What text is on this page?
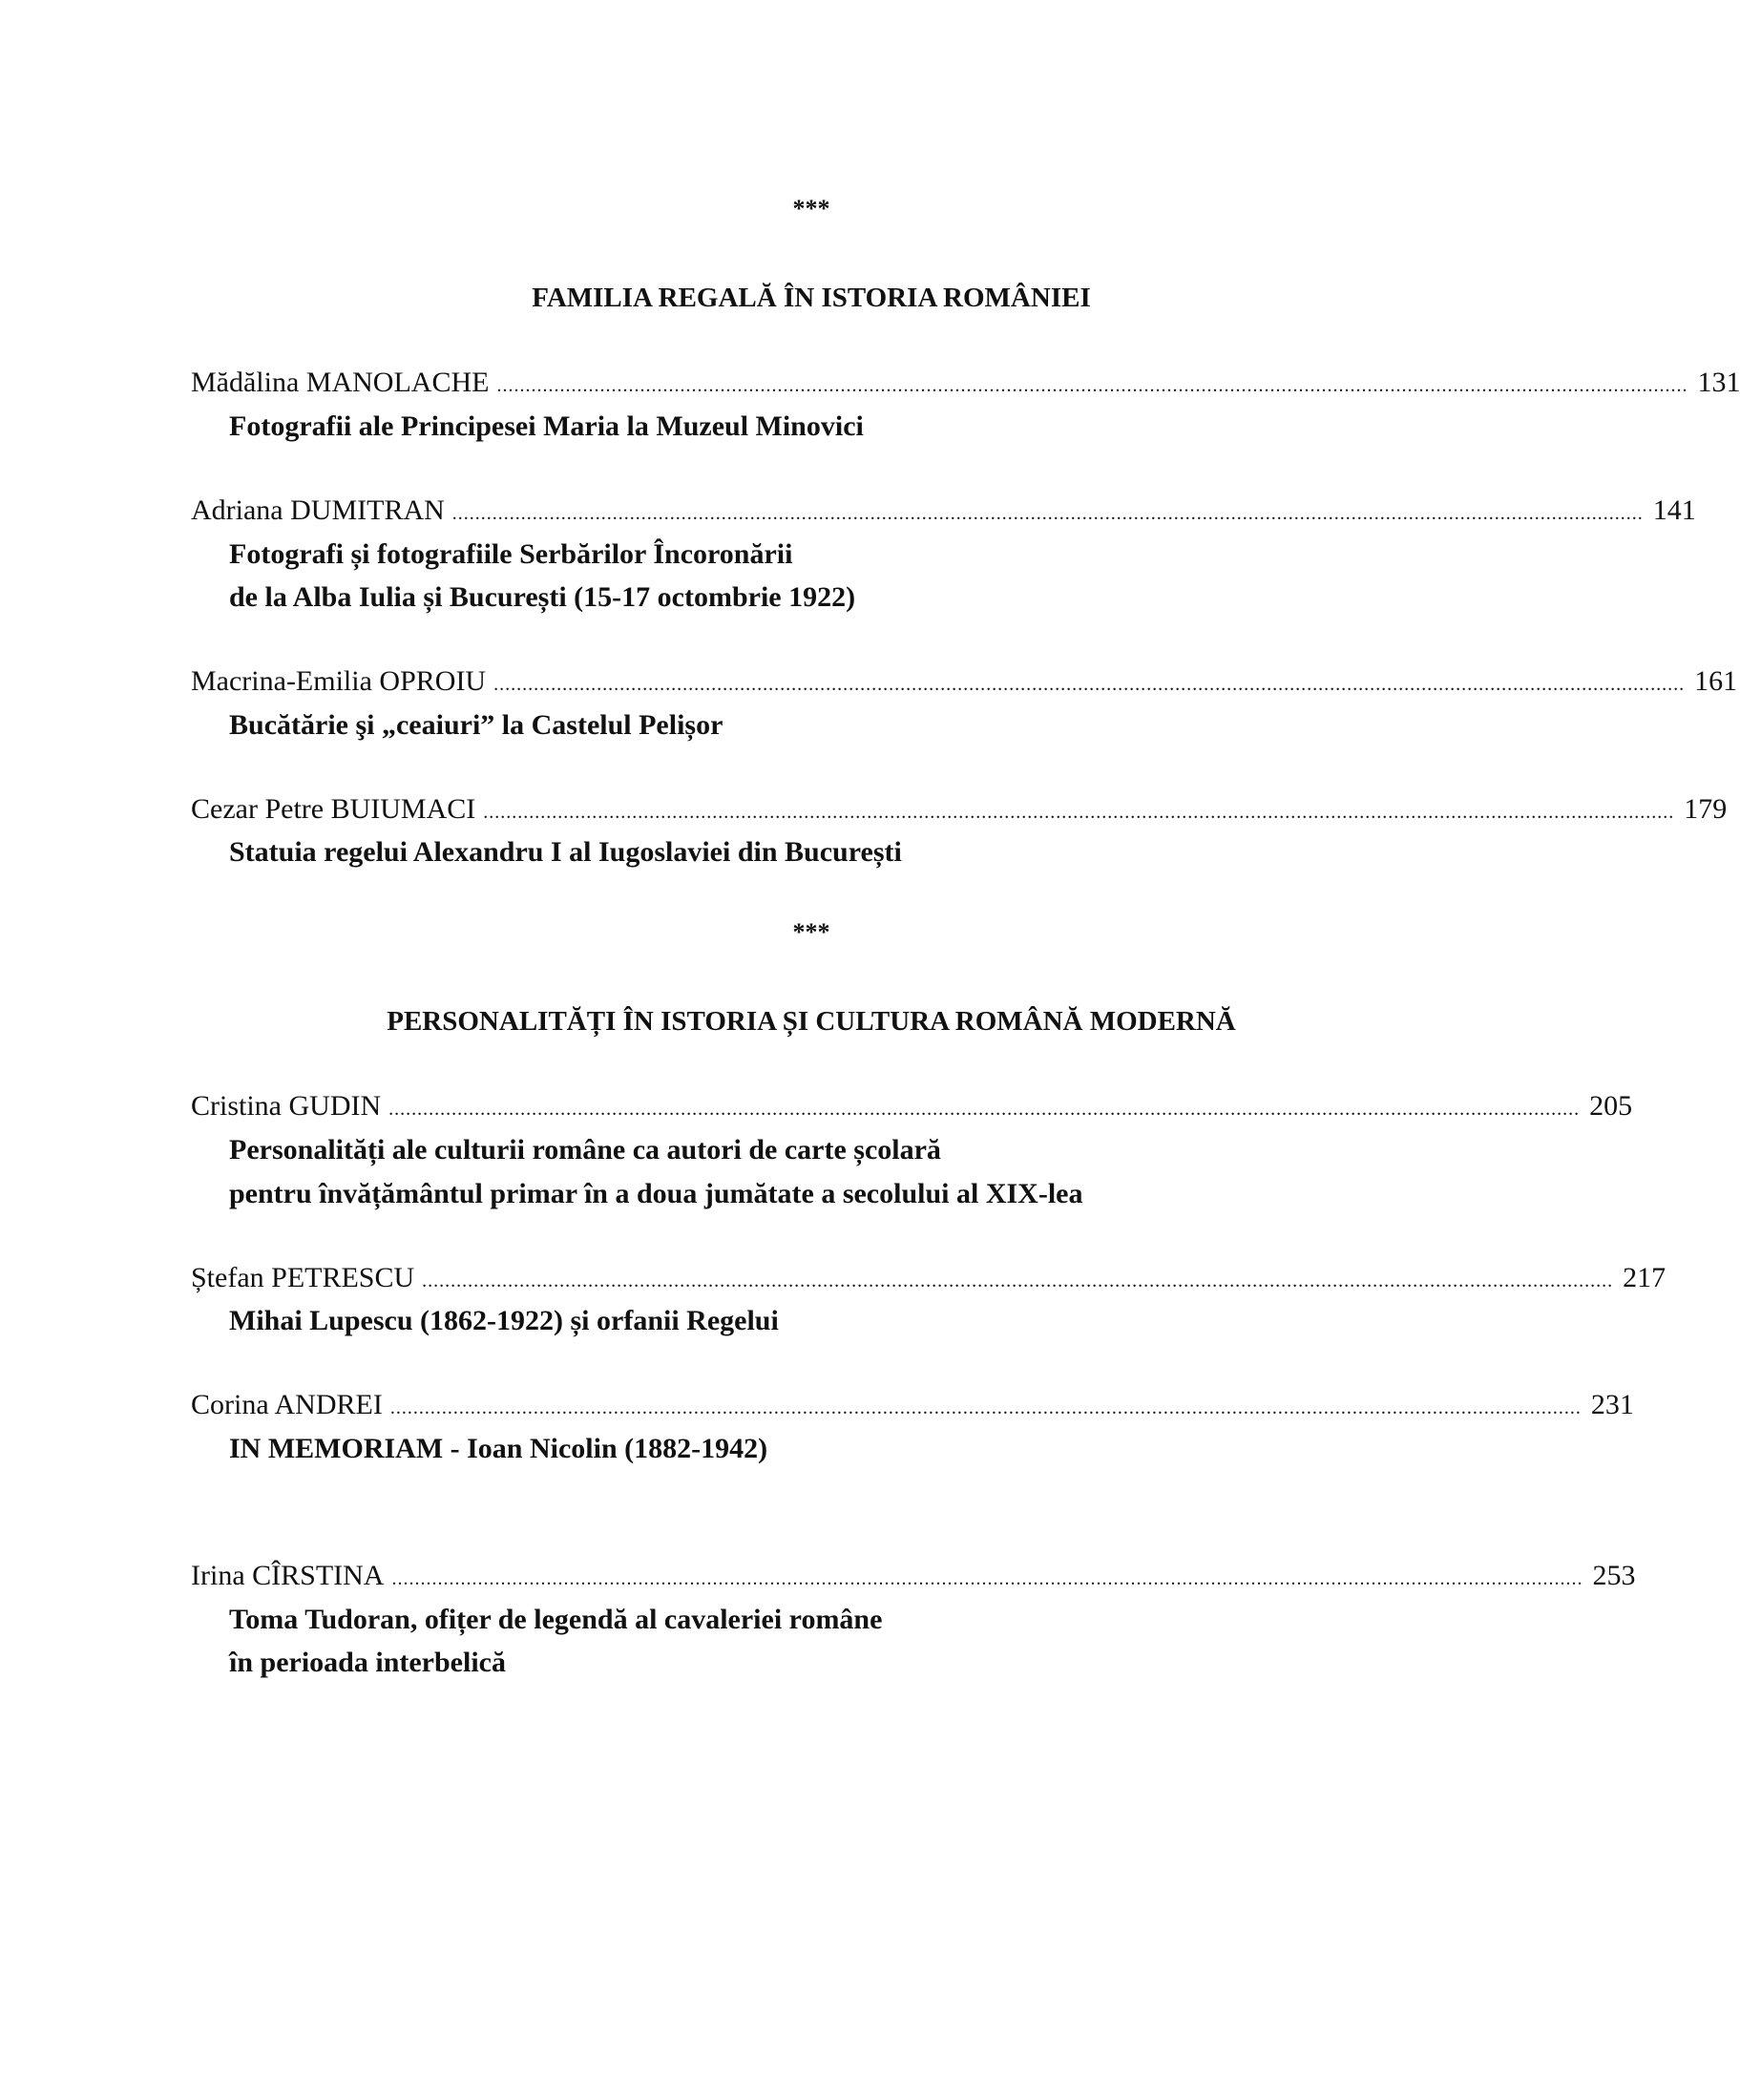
***
FAMILIA REGALĂ ÎN ISTORIA ROMÂNIEI
Mădălina MANOLACHE ................................................................................................................................................................................................................ 131
Fotografii ale Principesei Maria la Muzeul Minovici
Adriana DUMITRAN ................................................................................................................................................................................................................ 141
Fotografi și fotografiile Serbărilor Încoronării
de la Alba Iulia și București (15-17 octombrie 1922)
Macrina-Emilia OPROIU ................................................................................................................................................................................................................ 161
Bucătărie şi „ceaiuri” la Castelul Pelișor
Cezar Petre BUIUMACI ................................................................................................................................................................................................................ 179
Statuia regelui Alexandru I al Iugoslaviei din București
***
PERSONALITĂȚI ÎN ISTORIA ȘI CULTURA ROMÂNĂ MODERNĂ
Cristina GUDIN ................................................................................................................................................................................................................ 205
Personalități ale culturii române ca autori de carte școlară
pentru învățământul primar în a doua jumătate a secolului al XIX-lea
Ștefan PETRESCU ................................................................................................................................................................................................................ 217
Mihai Lupescu (1862-1922) și orfanii Regelui
Corina ANDREI ................................................................................................................................................................................................................ 231
IN MEMORIAM - Ioan Nicolin (1882-1942)
Irina CÎRSTINA ................................................................................................................................................................................................................ 253
Toma Tudoran, ofițer de legendă al cavaleriei române
în perioada interbelică
